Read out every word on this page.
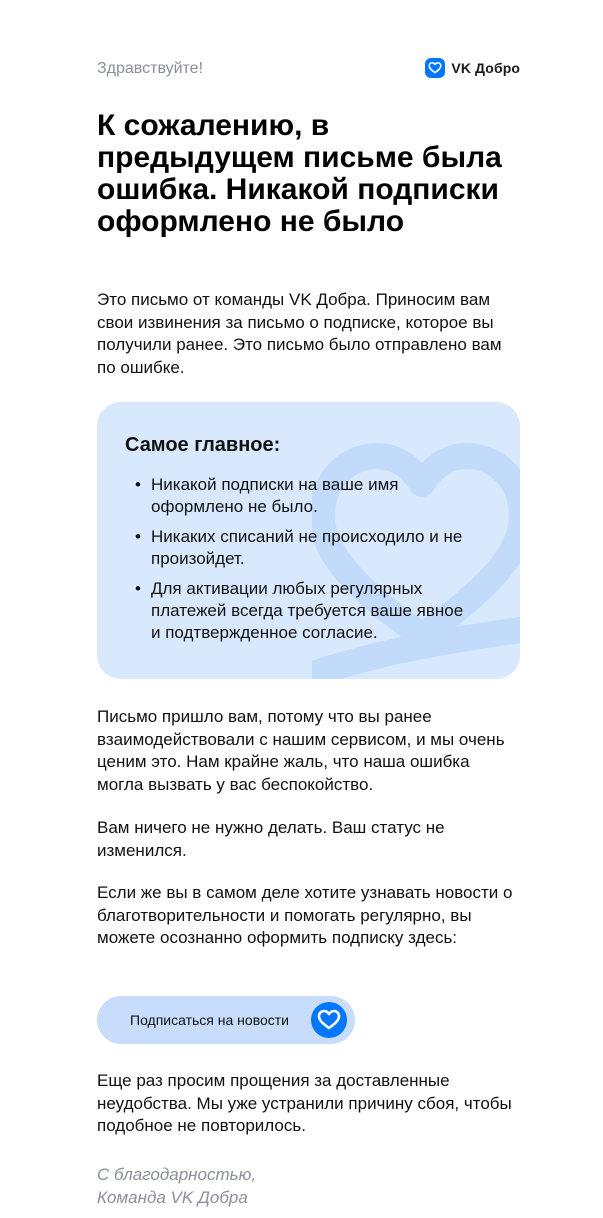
Здравствуйте!	VK Добро
К сожалению, в предыдущем письме была ошибка. Никакой подписки оформлено не было

Это письмо от команды VK Добра. Приносим вам свои извинения за письмо о подписке, которое вы получили ранее. Это письмо было отправлено вам по ошибке.

Самое главное:
• Никакой подписки на ваше имя оформлено не было.
• Никаких списаний не происходило и не произойдет.
• Для активации любых регулярных платежей всегда требуется ваше явное и подтвержденное согласие.

Письмо пришло вам, потому что вы ранее взаимодействовали с нашим сервисом, и мы очень ценим это. Нам крайне жаль, что наша ошибка могла вызвать у вас беспокойство.

Вам ничего не нужно делать. Ваш статус не изменился.

Если же вы в самом деле хотите узнавать новости о благотворительности и помогать регулярно, вы можете осознанно оформить подписку здесь:

Подписаться на новости

Еще раз просим прощения за доставленные неудобства. Мы уже устранили причину сбоя, чтобы подобное не повторилось.

С благодарностью,
Команда VK Добра
